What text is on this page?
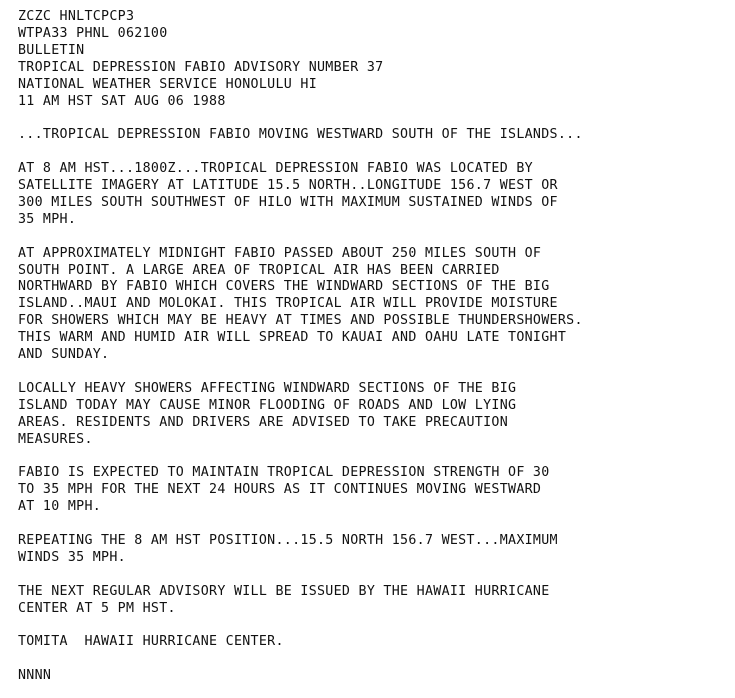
ZCZC HNLTCPCP3
WTPA33 PHNL 062100
BULLETIN
TROPICAL DEPRESSION FABIO ADVISORY NUMBER 37
NATIONAL WEATHER SERVICE HONOLULU HI
11 AM HST SAT AUG 06 1988
...TROPICAL DEPRESSION FABIO MOVING WESTWARD SOUTH OF THE ISLANDS...
AT 8 AM HST...1800Z...TROPICAL DEPRESSION FABIO WAS LOCATED BY
SATELLITE IMAGERY AT LATITUDE 15.5 NORTH..LONGITUDE 156.7 WEST OR
300 MILES SOUTH SOUTHWEST OF HILO WITH MAXIMUM SUSTAINED WINDS OF
35 MPH.
AT APPROXIMATELY MIDNIGHT FABIO PASSED ABOUT 250 MILES SOUTH OF
SOUTH POINT. A LARGE AREA OF TROPICAL AIR HAS BEEN CARRIED
NORTHWARD BY FABIO WHICH COVERS THE WINDWARD SECTIONS OF THE BIG
ISLAND..MAUI AND MOLOKAI. THIS TROPICAL AIR WILL PROVIDE MOISTURE
FOR SHOWERS WHICH MAY BE HEAVY AT TIMES AND POSSIBLE THUNDERSHOWERS.
THIS WARM AND HUMID AIR WILL SPREAD TO KAUAI AND OAHU LATE TONIGHT
AND SUNDAY.
LOCALLY HEAVY SHOWERS AFFECTING WINDWARD SECTIONS OF THE BIG
ISLAND TODAY MAY CAUSE MINOR FLOODING OF ROADS AND LOW LYING
AREAS. RESIDENTS AND DRIVERS ARE ADVISED TO TAKE PRECAUTION
MEASURES.
FABIO IS EXPECTED TO MAINTAIN TROPICAL DEPRESSION STRENGTH OF 30
TO 35 MPH FOR THE NEXT 24 HOURS AS IT CONTINUES MOVING WESTWARD
AT 10 MPH.
REPEATING THE 8 AM HST POSITION...15.5 NORTH 156.7 WEST...MAXIMUM
WINDS 35 MPH.
THE NEXT REGULAR ADVISORY WILL BE ISSUED BY THE HAWAII HURRICANE
CENTER AT 5 PM HST.
TOMITA  HAWAII HURRICANE CENTER.
NNNN
